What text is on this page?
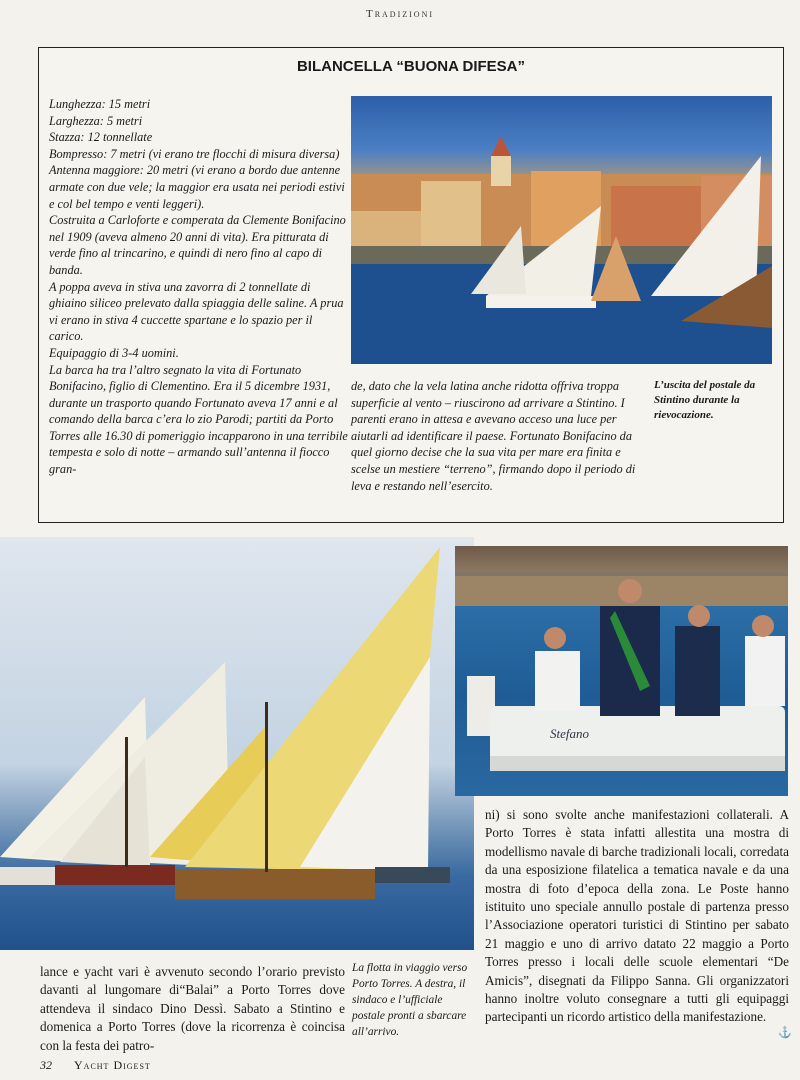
Tradizioni
BILANCELLA “BUONA DIFESA”

Lunghezza: 15 metri

Larghezza: 5 metri

Stazza: 12 tonnellate

Bompresso: 7 metri (vi erano tre flocchi di misura diversa)

Antenna maggiore: 20 metri (vi erano a bordo due antenne armate con due vele; la maggior era usata nei periodi estivi e col bel tempo e venti leggeri).

Costruita a Carloforte e comperata da Clemente Bonifacino nel 1909 (aveva almeno 20 anni di vita). Era pitturata di verde fino al trincarino, e quindi di nero fino al capo di banda.

A poppa aveva in stiva una zavorra di 2 tonnellate di ghiaino siliceo prelevato dalla spiaggia delle saline. A prua vi erano in stiva 4 cuccette spartane e lo spazio per il carico.

Equipaggio di 3-4 uomini.

La barca ha tra l’altro segnato la vita di Fortunato Bonifacino, figlio di Clementino. Era il 5 dicembre 1931, durante un trasporto quando Fortunato aveva 17 anni e al comando della barca c’era lo zio Parodi; partiti da Porto Torres alle 16.30 di pomeriggio incapparono in una terribile tempesta e solo di notte – armando sull’antenna il fiocco gran-

de, dato che la vela latina anche ridotta offriva troppa superficie al vento – riuscirono ad arrivare a Stintino. I parenti erano in attesa e avevano acceso una luce per aiutarli ad identificare il paese. Fortunato Bonifacino da quel giorno decise che la sua vita per mare era finita e scelse un mestiere “terreno”, firmando dopo il periodo di leva e restando nell’esercito.
L’uscita del postale da Stintino durante la rievocazione.
Stefano
ni) si sono svolte anche manifestazioni collaterali. A Porto Torres è stata infatti allestita una mostra di modellismo navale di barche tradizionali locali, corredata da una esposizione filatelica a tematica navale e da una mostra di foto d’epoca della zona. Le Poste hanno istituito uno speciale annullo postale di partenza presso l’Associazione operatori turistici di Stintino per sabato 21 maggio e uno di arrivo datato 22 maggio a Porto Torres presso i locali delle scuole elementari “De Amicis”, disegnati da Filippo Sanna. Gli organizzatori hanno inoltre voluto consegnare a tutti gli equipaggi partecipanti un ricordo artistico della manifestazione.
lance e yacht vari è avvenuto secondo l’orario previsto davanti al lungomare di“Balai” a Porto Torres dove attendeva il sindaco Dino Dessì. Sabato a Stintino e domenica a Porto Torres (dove la ricorrenza è coincisa con la festa dei patro-
La flotta in viaggio verso Porto Torres. A destra, il sindaco e l’ufficiale postale pronti a sbarcare all’arrivo.
32 Yacht Digest
⚓
